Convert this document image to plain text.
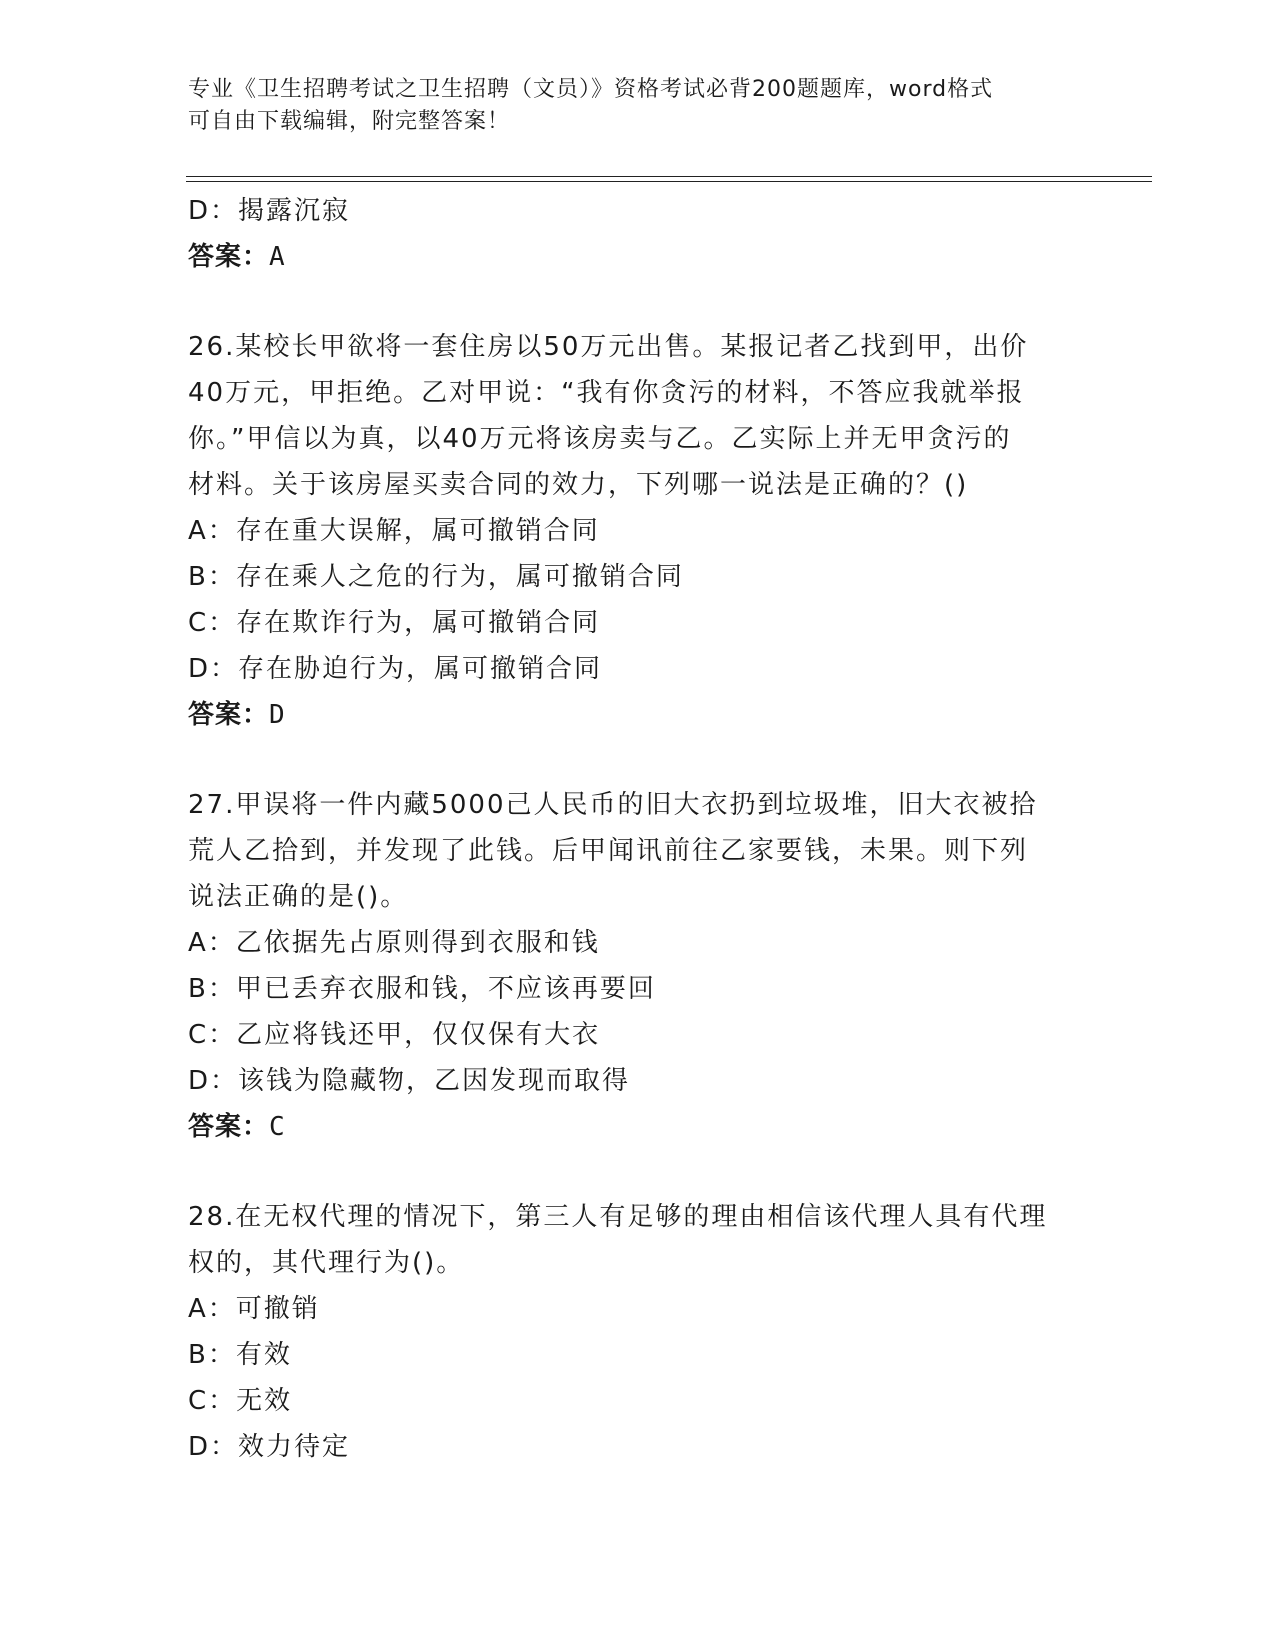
专业《卫生招聘考试之卫生招聘（文员）》资格考试必背200题题库，word格式
可自由下载编辑，附完整答案！
D：揭露沉寂
答案：A
26.某校长甲欲将一套住房以50万元出售。某报记者乙找到甲，出价
40万元，甲拒绝。乙对甲说：“我有你贪污的材料，不答应我就举报
你。”甲信以为真，以40万元将该房卖与乙。乙实际上并无甲贪污的
材料。关于该房屋买卖合同的效力，下列哪一说法是正确的？()
A：存在重大误解，属可撤销合同
B：存在乘人之危的行为，属可撤销合同
C：存在欺诈行为，属可撤销合同
D：存在胁迫行为，属可撤销合同
答案：D
27.甲误将一件内藏5000己人民币的旧大衣扔到垃圾堆，旧大衣被拾
荒人乙拾到，并发现了此钱。后甲闻讯前往乙家要钱，未果。则下列
说法正确的是()。
A：乙依据先占原则得到衣服和钱
B：甲已丢弃衣服和钱，不应该再要回
C：乙应将钱还甲，仅仅保有大衣
D：该钱为隐藏物，乙因发现而取得
答案：C
28.在无权代理的情况下，第三人有足够的理由相信该代理人具有代理
权的，其代理行为()。
A：可撤销
B：有效
C：无效
D：效力待定
